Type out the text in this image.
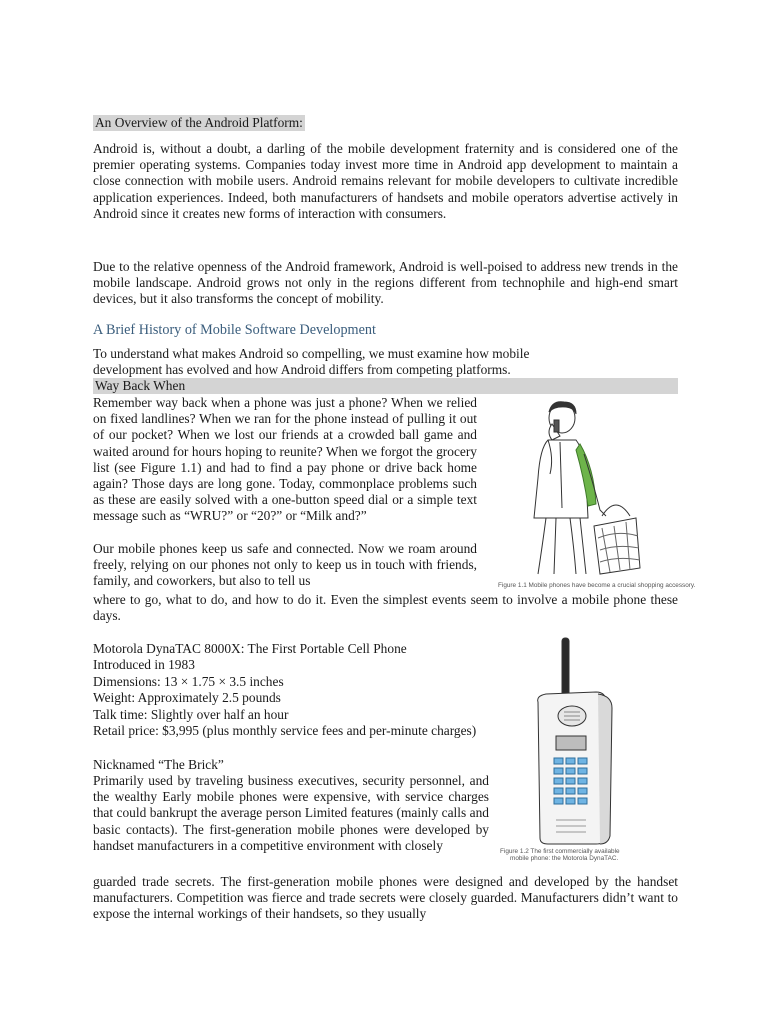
An Overview of the Android Platform:
Android is, without a doubt, a darling of the mobile development fraternity and is considered one of the premier operating systems. Companies today invest more time in Android app development to maintain a close connection with mobile users. Android remains relevant for mobile developers to cultivate incredible application experiences. Indeed, both manufacturers of handsets and mobile operators advertise actively in Android since it creates new forms of interaction with consumers.
Due to the relative openness of the Android framework, Android is well-poised to address new trends in the mobile landscape. Android grows not only in the regions different from technophile and high-end smart devices, but it also transforms the concept of mobility.
A Brief History of Mobile Software Development
To understand what makes Android so compelling, we must examine how mobile development has evolved and how Android differs from competing platforms.
Way Back When
Remember way back when a phone was just a phone? When we relied on fixed landlines? When we ran for the phone instead of pulling it out of our pocket? When we lost our friends at a crowded ball game and waited around for hours hoping to reunite? When we forgot the grocery list (see Figure 1.1) and had to find a pay phone or drive back home again? Those days are long gone. Today, commonplace problems such as these are easily solved with a one-button speed dial or a simple text message such as “WRU?” or “20?” or “Milk and?”
Our mobile phones keep us safe and connected. Now we roam around freely, relying on our phones not only to keep us in touch with friends, family, and coworkers, but also to tell us
where to go, what to do, and how to do it. Even the simplest events seem to involve a mobile phone these days.
Figure 1.1 Mobile phones have become a crucial shopping accessory.
Motorola DynaTAC 8000X: The First Portable Cell Phone
Introduced in 1983
Dimensions: 13 × 1.75 × 3.5 inches
Weight: Approximately 2.5 pounds
Talk time: Slightly over half an hour
Retail price: $3,995 (plus monthly service fees and per-minute charges)
Nicknamed “The Brick”
Primarily used by traveling business executives, security personnel, and the wealthy Early mobile phones were expensive, with service charges that could bankrupt the average person Limited features (mainly calls and basic contacts). The first-generation mobile phones were developed by handset manufacturers in a competitive environment with closely
guarded trade secrets. The first-generation mobile phones were designed and developed by the handset manufacturers. Competition was fierce and trade secrets were closely guarded. Manufacturers didn’t want to expose the internal workings of their handsets, so they usually
Figure 1.2 The first commercially available
mobile phone: the Motorola DynaTAC.
